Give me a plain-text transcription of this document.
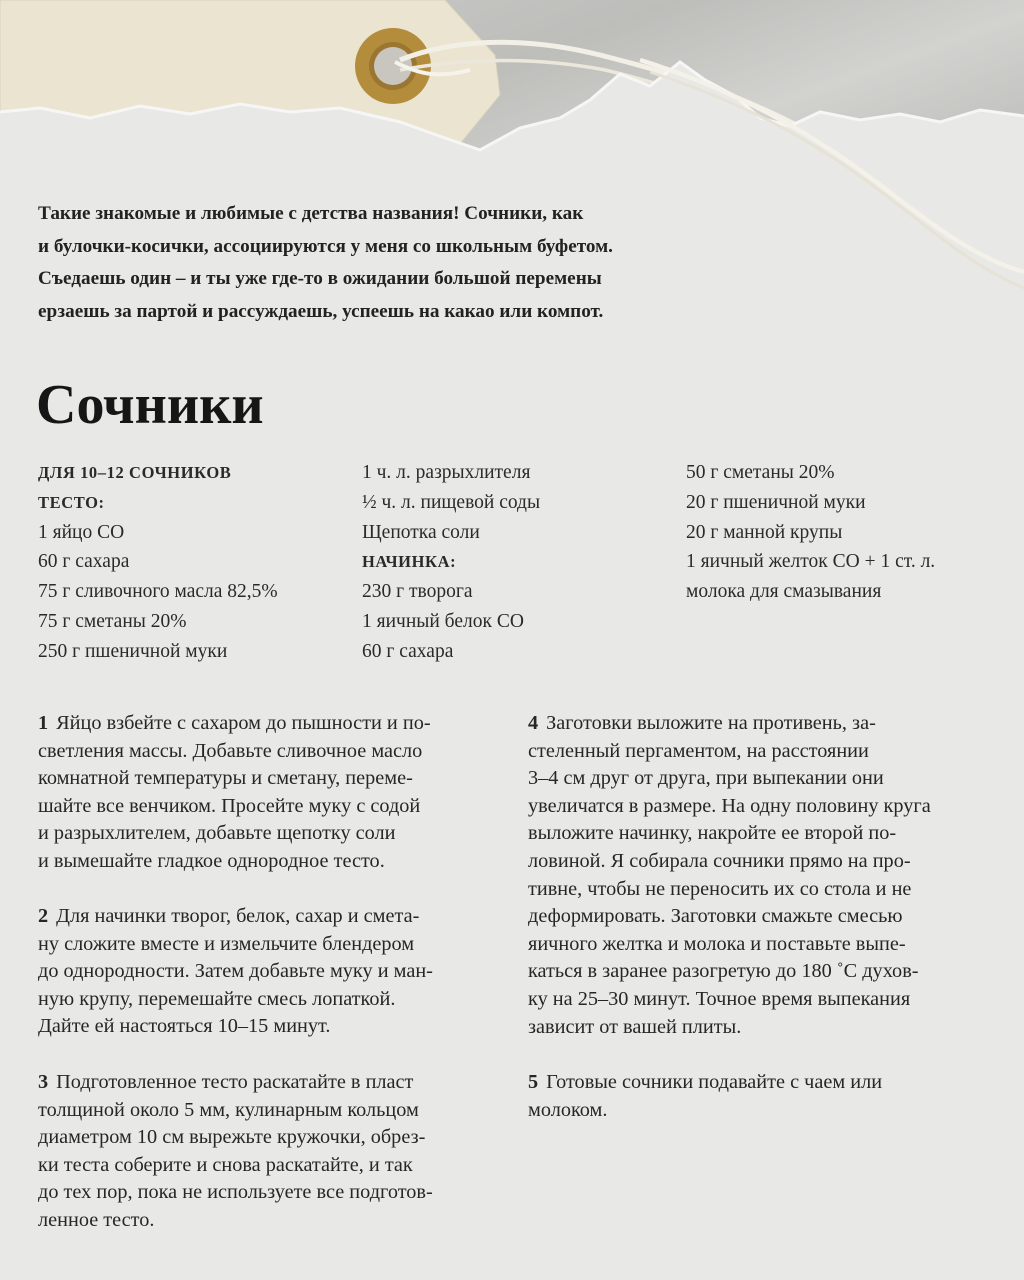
Такие знакомые и любимые с детства названия! Сочники, как

и булочки-косички, ассоциируются у меня со школьным буфетом.

Съедаешь один – и ты уже где-то в ожидании большой перемены

ерзаешь за партой и рассуждаешь, успеешь на какао или компот.

Сочники
ДЛЯ 10–12 СОЧНИКОВ
ТЕСТО:
1 яйцо СО
60 г сахара
75 г сливочного масла 82,5%
75 г сметаны 20%
250 г пшеничной муки
1 ч. л. разрыхлителя
½ ч. л. пищевой соды
Щепотка соли
НАЧИНКА:
230 г творога
1 яичный белок СО
60 г сахара
50 г сметаны 20%
20 г пшеничной муки
20 г манной крупы
1 яичный желток СО + 1 ст. л.
молока для смазывания
1 Яйцо взбейте с сахаром до пышности и по-
светления массы. Добавьте сливочное масло
комнатной температуры и сметану, переме-
шайте все венчиком. Просейте муку с содой
и разрыхлителем, добавьте щепотку соли
и вымешайте гладкое однородное тесто.
2 Для начинки творог, белок, сахар и смета-
ну сложите вместе и измельчите блендером
до однородности. Затем добавьте муку и ман-
ную крупу, перемешайте смесь лопаткой.
Дайте ей настояться 10–15 минут.
3 Подготовленное тесто раскатайте в пласт
толщиной около 5 мм, кулинарным кольцом
диаметром 10 см вырежьте кружочки, обрез-
ки теста соберите и снова раскатайте, и так
до тех пор, пока не используете все подготов-
ленное тесто.
4 Заготовки выложите на противень, за-
стеленный пергаментом, на расстоянии
3–4 см друг от друга, при выпекании они
увеличатся в размере. На одну половину круга
выложите начинку, накройте ее второй по-
ловиной. Я собирала сочники прямо на про-
тивне, чтобы не переносить их со стола и не
деформировать. Заготовки смажьте смесью
яичного желтка и молока и поставьте выпе-
каться в заранее разогретую до 180 ˚С духов-
ку на 25–30 минут. Точное время выпекания
зависит от вашей плиты.
5 Готовые сочники подавайте с чаем или
молоком.
